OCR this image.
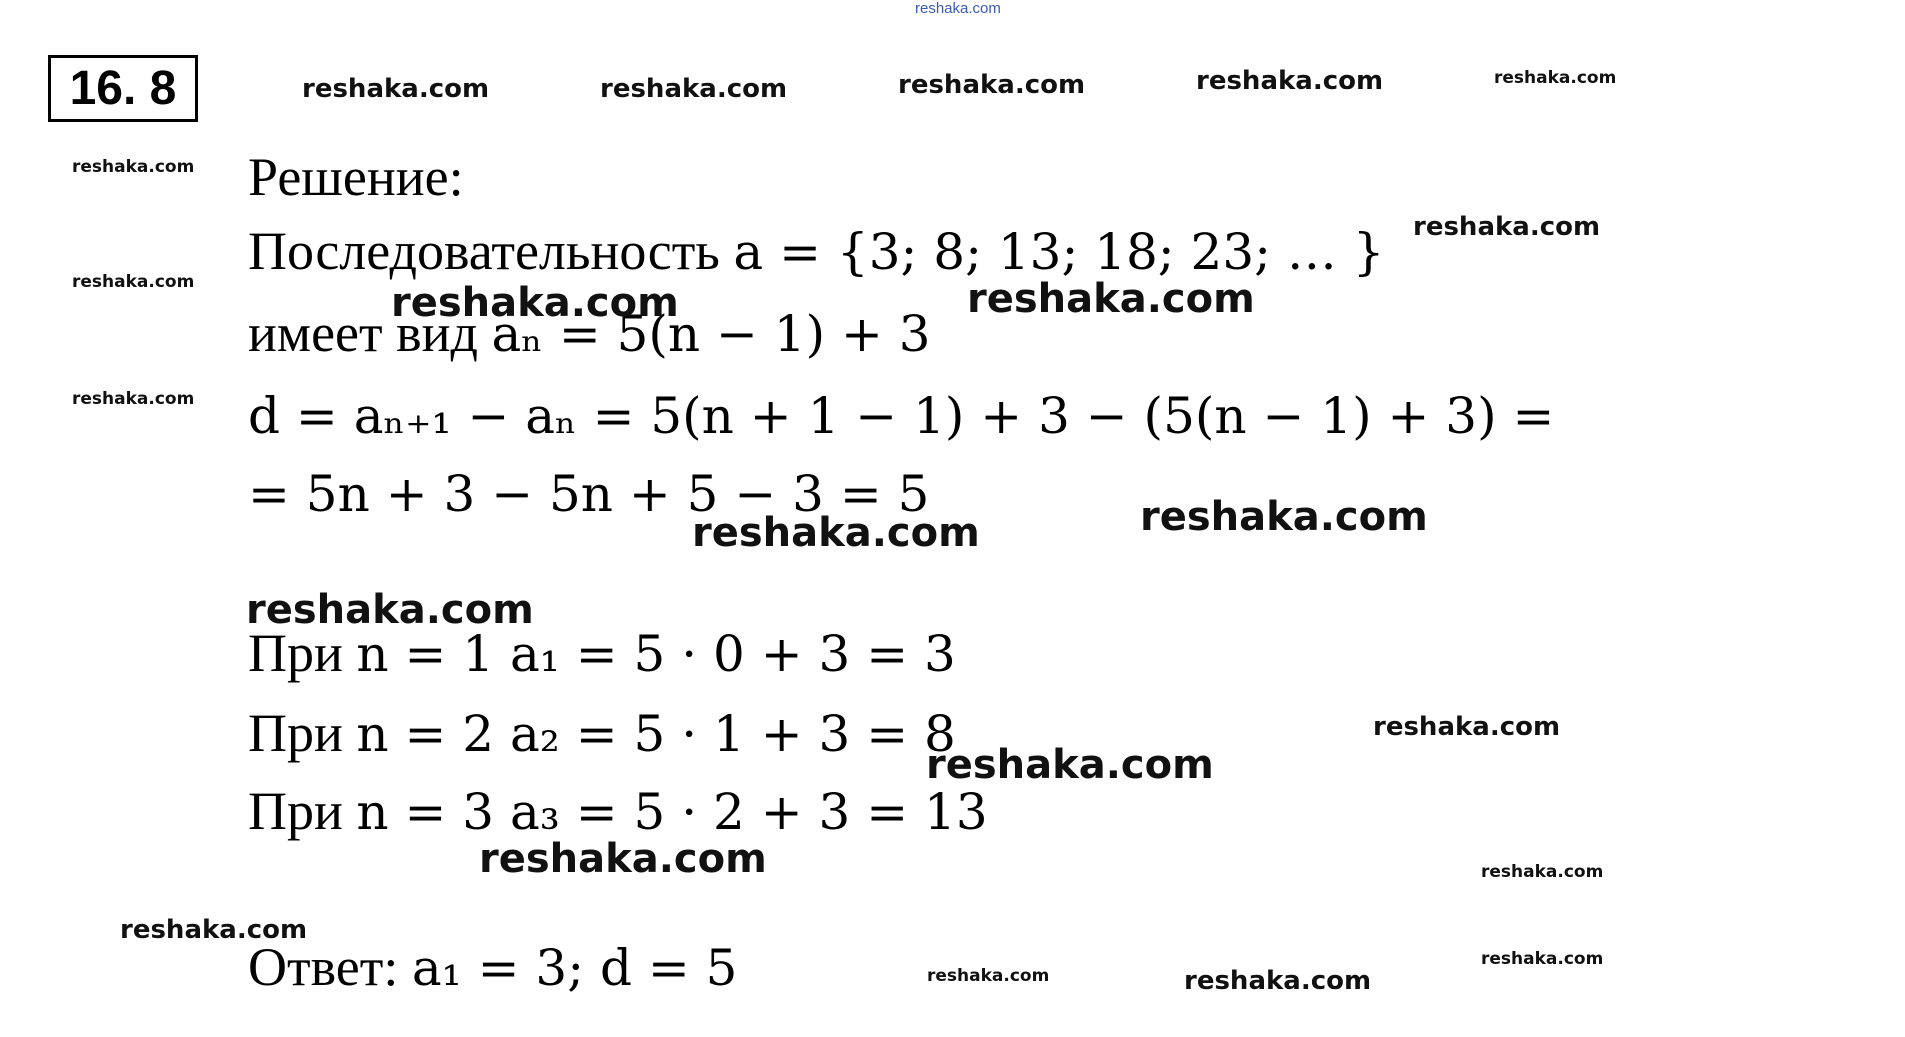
16. 8
Решение:
Последовательность a = {3; 8; 13; 18; 23; … }
имеет вид aₙ = 5(n − 1) + 3
d = aₙ₊₁ − aₙ = 5(n + 1 − 1) + 3 − (5(n − 1) + 3) =
= 5n + 3 − 5n + 5 − 3 = 5
При n = 1 a₁ = 5 · 0 + 3 = 3
При n = 2 a₂ = 5 · 1 + 3 = 8
При n = 3 a₃ = 5 · 2 + 3 = 13
Ответ: a₁ = 3; d = 5
reshaka.com
reshaka.com	reshaka.com	reshaka.com	reshaka.com	reshaka.com
reshaka.com
reshaka.com
reshaka.com	reshaka.com	reshaka.com
reshaka.com
reshaka.com	reshaka.com
reshaka.com
reshaka.com
reshaka.com
reshaka.com	reshaka.com
reshaka.com
reshaka.com
reshaka.com	reshaka.com
